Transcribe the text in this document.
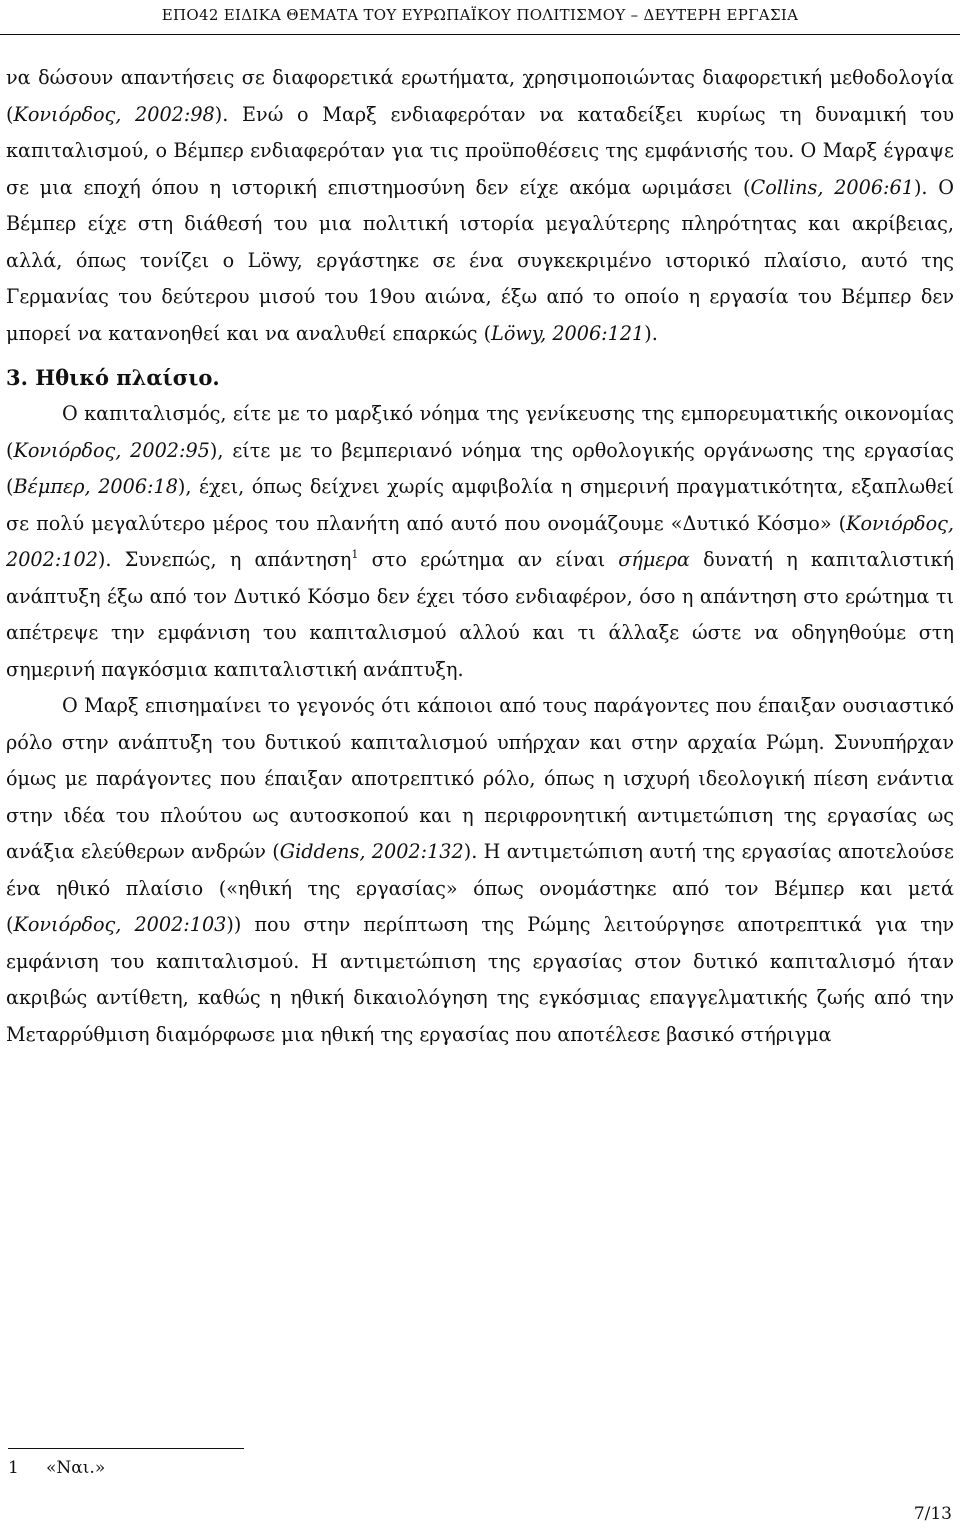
ΕΠΟ42 ΕΙΔΙΚΑ ΘΕΜΑΤΑ ΤΟΥ ΕΥΡΩΠΑΪΚΟΥ ΠΟΛΙΤΙΣΜΟΥ – ΔΕΥΤΕΡΗ ΕΡΓΑΣΙΑ

να δώσουν απαντήσεις σε διαφορετικά ερωτήματα, χρησιμοποιώντας διαφορετική μεθοδολογία (Κονιόρδος, 2002:98). Ενώ ο Μαρξ ενδιαφερόταν να καταδείξει κυρίως τη δυναμική του καπιταλισμού, ο Βέμπερ ενδιαφερόταν για τις προϋποθέσεις της εμφάνισής του. Ο Μαρξ έγραψε σε μια εποχή όπου η ιστορική επιστημοσύνη δεν είχε ακόμα ωριμάσει (Collins, 2006:61). Ο Βέμπερ είχε στη διάθεσή του μια πολιτική ιστορία μεγαλύτερης πληρότητας και ακρίβειας, αλλά, όπως τονίζει ο Löwy, εργάστηκε σε ένα συγκεκριμένο ιστορικό πλαίσιο, αυτό της Γερμανίας του δεύτερου μισού του 19ου αιώνα, έξω από το οποίο η εργασία του Βέμπερ δεν μπορεί να κατανοηθεί και να αναλυθεί επαρκώς (Löwy, 2006:121).

3. Ηθικό πλαίσιο.

Ο καπιταλισμός, είτε με το μαρξικό νόημα της γενίκευσης της εμπορευματικής οικονομίας (Κονιόρδος, 2002:95), είτε με το βεμπεριανό νόημα της ορθολογικής οργάνωσης της εργασίας (Βέμπερ, 2006:18), έχει, όπως δείχνει χωρίς αμφιβολία η σημερινή πραγματικότητα, εξαπλωθεί σε πολύ μεγαλύτερο μέρος του πλανήτη από αυτό που ονομάζουμε «Δυτικό Κόσμο» (Κονιόρδος, 2002:102). Συνεπώς, η απάντηση$^1$ στο ερώτημα αν είναι σήμερα δυνατή η καπιταλιστική ανάπτυξη έξω από τον Δυτικό Κόσμο δεν έχει τόσο ενδιαφέρον, όσο η απάντηση στο ερώτημα τι απέτρεψε την εμφάνιση του καπιταλισμού αλλού και τι άλλαξε ώστε να οδηγηθούμε στη σημερινή παγκόσμια καπιταλιστική ανάπτυξη.

Ο Μαρξ επισημαίνει το γεγονός ότι κάποιοι από τους παράγοντες που έπαιξαν ουσιαστικό ρόλο στην ανάπτυξη του δυτικού καπιταλισμού υπήρχαν και στην αρχαία Ρώμη. Συνυπήρχαν όμως με παράγοντες που έπαιξαν αποτρεπτικό ρόλο, όπως η ισχυρή ιδεολογική πίεση ενάντια στην ιδέα του πλούτου ως αυτοσκοπού και η περιφρονητική αντιμετώπιση της εργασίας ως ανάξια ελεύθερων ανδρών (Giddens, 2002:132). Η αντιμετώπιση αυτή της εργασίας αποτελούσε ένα ηθικό πλαίσιο («ηθική της εργασίας» όπως ονομάστηκε από τον Βέμπερ και μετά (Κονιόρδος, 2002:103)) που στην περίπτωση της Ρώμης λειτούργησε αποτρεπτικά για την εμφάνιση του καπιταλισμού. Η αντιμετώπιση της εργασίας στον δυτικό καπιταλισμό ήταν ακριβώς αντίθετη, καθώς η ηθική δικαιολόγηση της εγκόσμιας επαγγελματικής ζωής από την Μεταρρύθμιση διαμόρφωσε μια ηθική της εργασίας που αποτέλεσε βασικό στήριγμα

1 «Ναι.»
7/13
